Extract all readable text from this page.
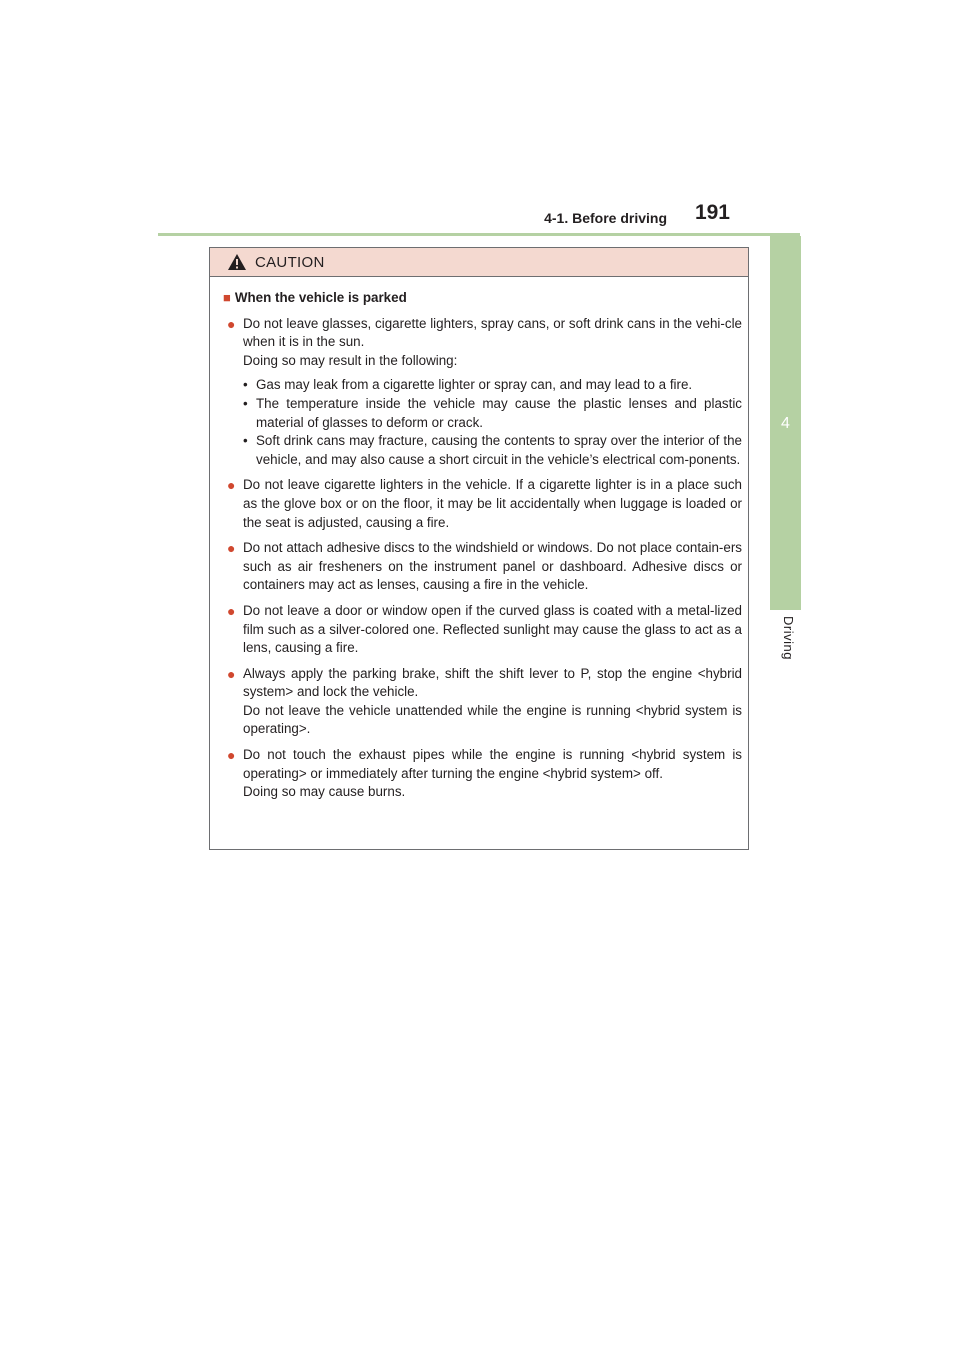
4-1. Before driving 191
4
Driving
CAUTION
■ When the vehicle is parked
● Do not leave glasses, cigarette lighters, spray cans, or soft drink cans in the vehi-cle when it is in the sun.

Doing so may result in the following:

• Gas may leak from a cigarette lighter or spray can, and may lead to a fire.
• The temperature inside the vehicle may cause the plastic lenses and plastic material of glasses to deform or crack.
• Soft drink cans may fracture, causing the contents to spray over the interior of the vehicle, and may also cause a short circuit in the vehicle’s electrical com-ponents.
● Do not leave cigarette lighters in the vehicle. If a cigarette lighter is in a place such as the glove box or on the floor, it may be lit accidentally when luggage is loaded or the seat is adjusted, causing a fire.

● Do not attach adhesive discs to the windshield or windows. Do not place contain-ers such as air fresheners on the instrument panel or dashboard. Adhesive discs or containers may act as lenses, causing a fire in the vehicle.

● Do not leave a door or window open if the curved glass is coated with a metal-lized film such as a silver-colored one. Reflected sunlight may cause the glass to act as a lens, causing a fire.

● Always apply the parking brake, shift the shift lever to P, stop the engine <hybrid system> and lock the vehicle.

Do not leave the vehicle unattended while the engine is running <hybrid system is operating>.

● Do not touch the exhaust pipes while the engine is running <hybrid system is operating> or immediately after turning the engine <hybrid system> off.

Doing so may cause burns.
